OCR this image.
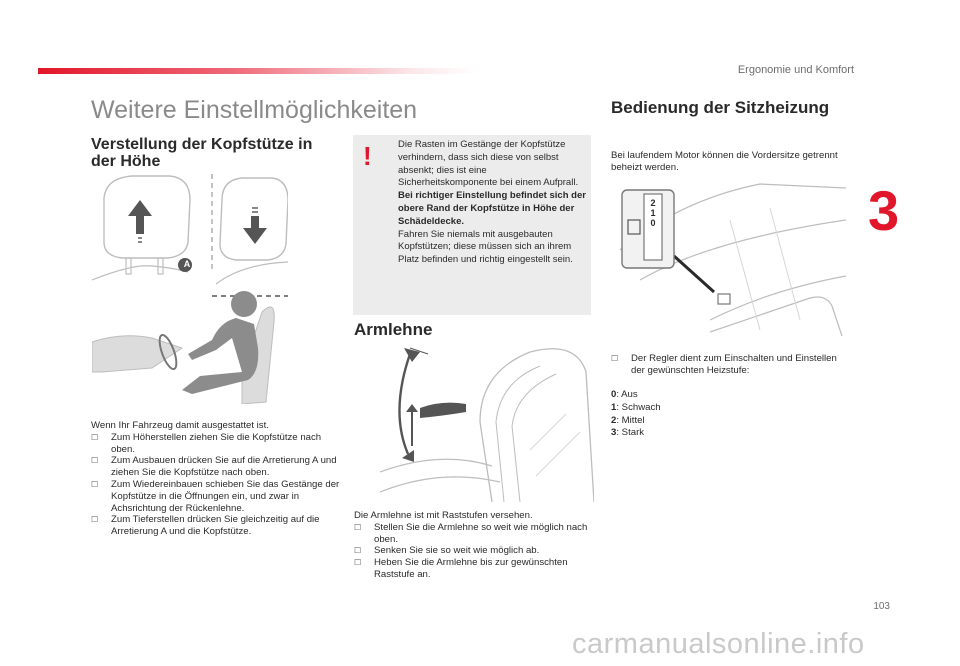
Ergonomie und Komfort
3
Weitere Einstellmöglichkeiten
Verstellung der Kopfstütze in der Höhe
A
Wenn Ihr Fahrzeug damit ausgestattet ist.
☐ Zum Höherstellen ziehen Sie die Kopfstütze nach oben.
☐ Zum Ausbauen drücken Sie auf die Arretierung A und ziehen Sie die Kopfstütze nach oben.
☐ Zum Wiedereinbauen schieben Sie das Gestänge der Kopfstütze in die Öffnungen ein, und zwar in Achsrichtung der Rückenlehne.
☐ Zum Tieferstellen drücken Sie gleichzeitig auf die Arretierung A und die Kopfstütze.
!	Die Rasten im Gestänge der Kopfstütze verhindern, dass sich diese von selbst absenkt; dies ist eine Sicherheitskomponente bei einem Aufprall.
Bei richtiger Einstellung befindet sich der obere Rand der Kopfstütze in Höhe der Schädeldecke.
Fahren Sie niemals mit ausgebauten Kopfstützen; diese müssen sich an ihrem Platz befinden und richtig eingestellt sein.
Armlehne
Die Armlehne ist mit Raststufen versehen.
☐ Stellen Sie die Armlehne so weit wie möglich nach oben.
☐ Senken Sie sie so weit wie möglich ab.
☐ Heben Sie die Armlehne bis zur gewünschten Raststufe an.
Bedienung der Sitzheizung
Bei laufendem Motor können die Vordersitze getrennt beheizt werden.
2
1
0
☐ Der Regler dient zum Einschalten und Einstellen der gewünschten Heizstufe:
0: Aus
1: Schwach
2: Mittel
3: Stark
103
carmanualsonline.info
